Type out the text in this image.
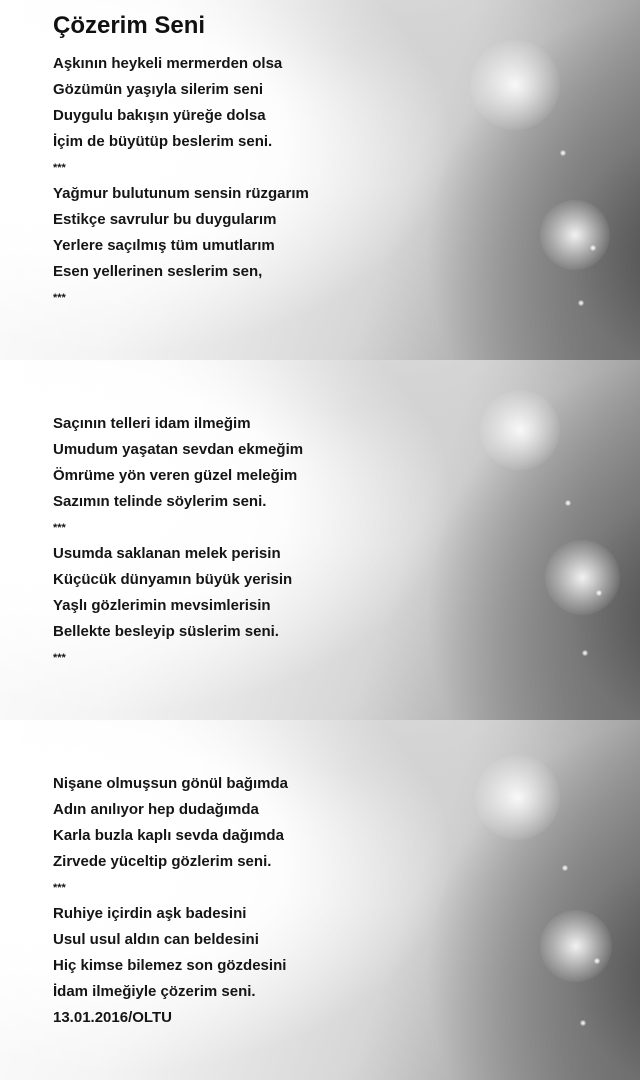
Çözerim Seni
Aşkının heykeli mermerden olsa
Gözümün yaşıyla silerim seni
Duygulu bakışın yüreğe dolsa
İçim de büyütüp beslerim seni.
***
Yağmur bulutunum sensin rüzgarım
Estikçe savrulur bu duygularım
Yerlere saçılmış tüm umutlarım
Esen yellerinen seslerim sen,
***
Saçının telleri idam ilmeğim
Umudum yaşatan sevdan ekmeğim
Ömrüme yön veren güzel meleğim
Sazımın telinde söylerim seni.
***
Usumda saklanan melek perisin
Küçücük dünyamın büyük yerisin
Yaşlı gözlerimin mevsimlerisin
Bellekte besleyip süslerim seni.
***
Nişane olmuşsun gönül bağımda
Adın anılıyor hep dudağımda
Karla buzla kaplı sevda dağımda
Zirvede yüceltip gözlerim seni.
***
Ruhiye içirdin aşk badesini
Usul usul aldın can beldesini
Hiç kimse bilemez son gözdesini
İdam ilmeğiyle çözerim seni.
13.01.2016/OLTU
